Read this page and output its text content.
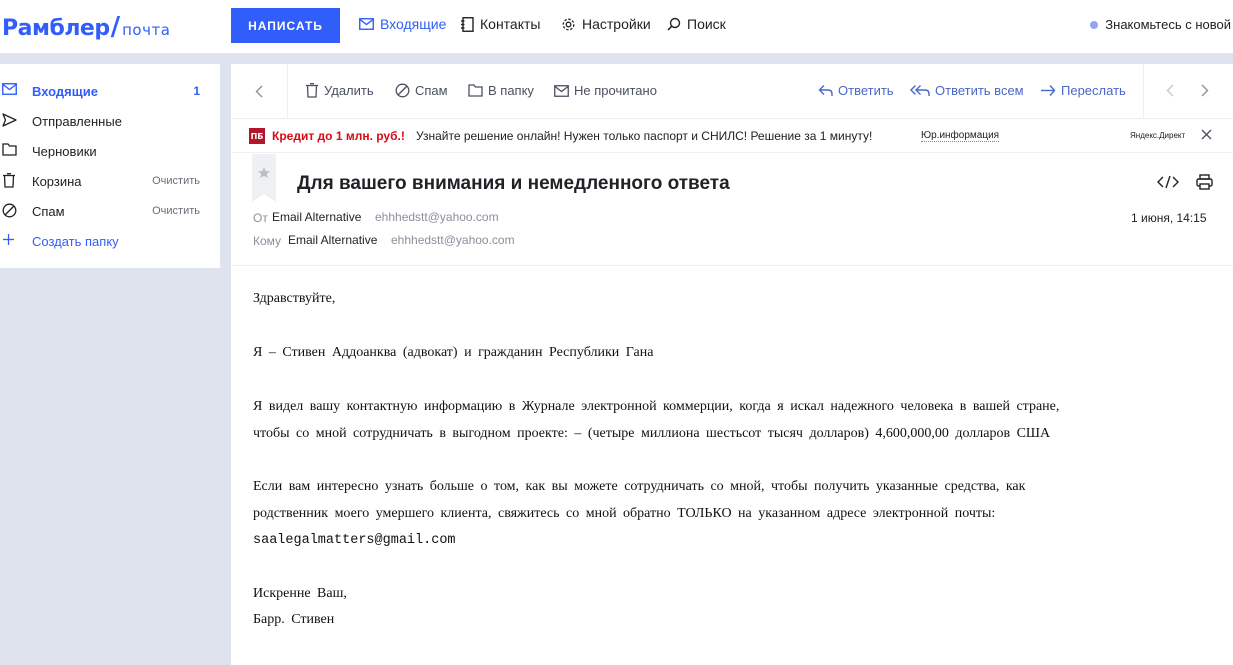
Рамблер / почта	НАПИСАТЬ	Входящие Контакты	Настройки	Поиск	Знакомьтесь с новой
Входящие	1
Отправленные
Черновики
Корзина	Очистить
Спам	Очистить
Создать папку
Удалить	Спам	В папку	Не прочитано	Ответить	Ответить всем	Переслать
ПБ Кредит до 1 млн. руб.! Узнайте решение онлайн! Нужен только паспорт и СНИЛС! Решение за 1 минуту!	Юр.информация	Яндекс.Директ
Для вашего внимания и немедленного ответа
От Email Alternative ehhhedstt@yahoo.com	1 июня, 14:15
Кому Email Alternative ehhhedstt@yahoo.com

Здравствуйте,

Я – Стивен Аддоанква (адвокат) и гражданин Республики Гана

Я видел вашу контактную информацию в Журнале электронной коммерции, когда я искал надежного человека в вашей стране,

чтобы со мной сотрудничать в выгодном проекте: – (четыре миллиона шестьсот тысяч долларов) 4,600,000,00 долларов США

Если вам интересно узнать больше о том, как вы можете сотрудничать со мной, чтобы получить указанные средства, как

родственник моего умершего клиента, свяжитесь со мной обратно ТОЛЬКО на указанном адресе электронной почты:

saalegalmatters@gmail.com

Искренне Ваш,

Барр. Стивен
